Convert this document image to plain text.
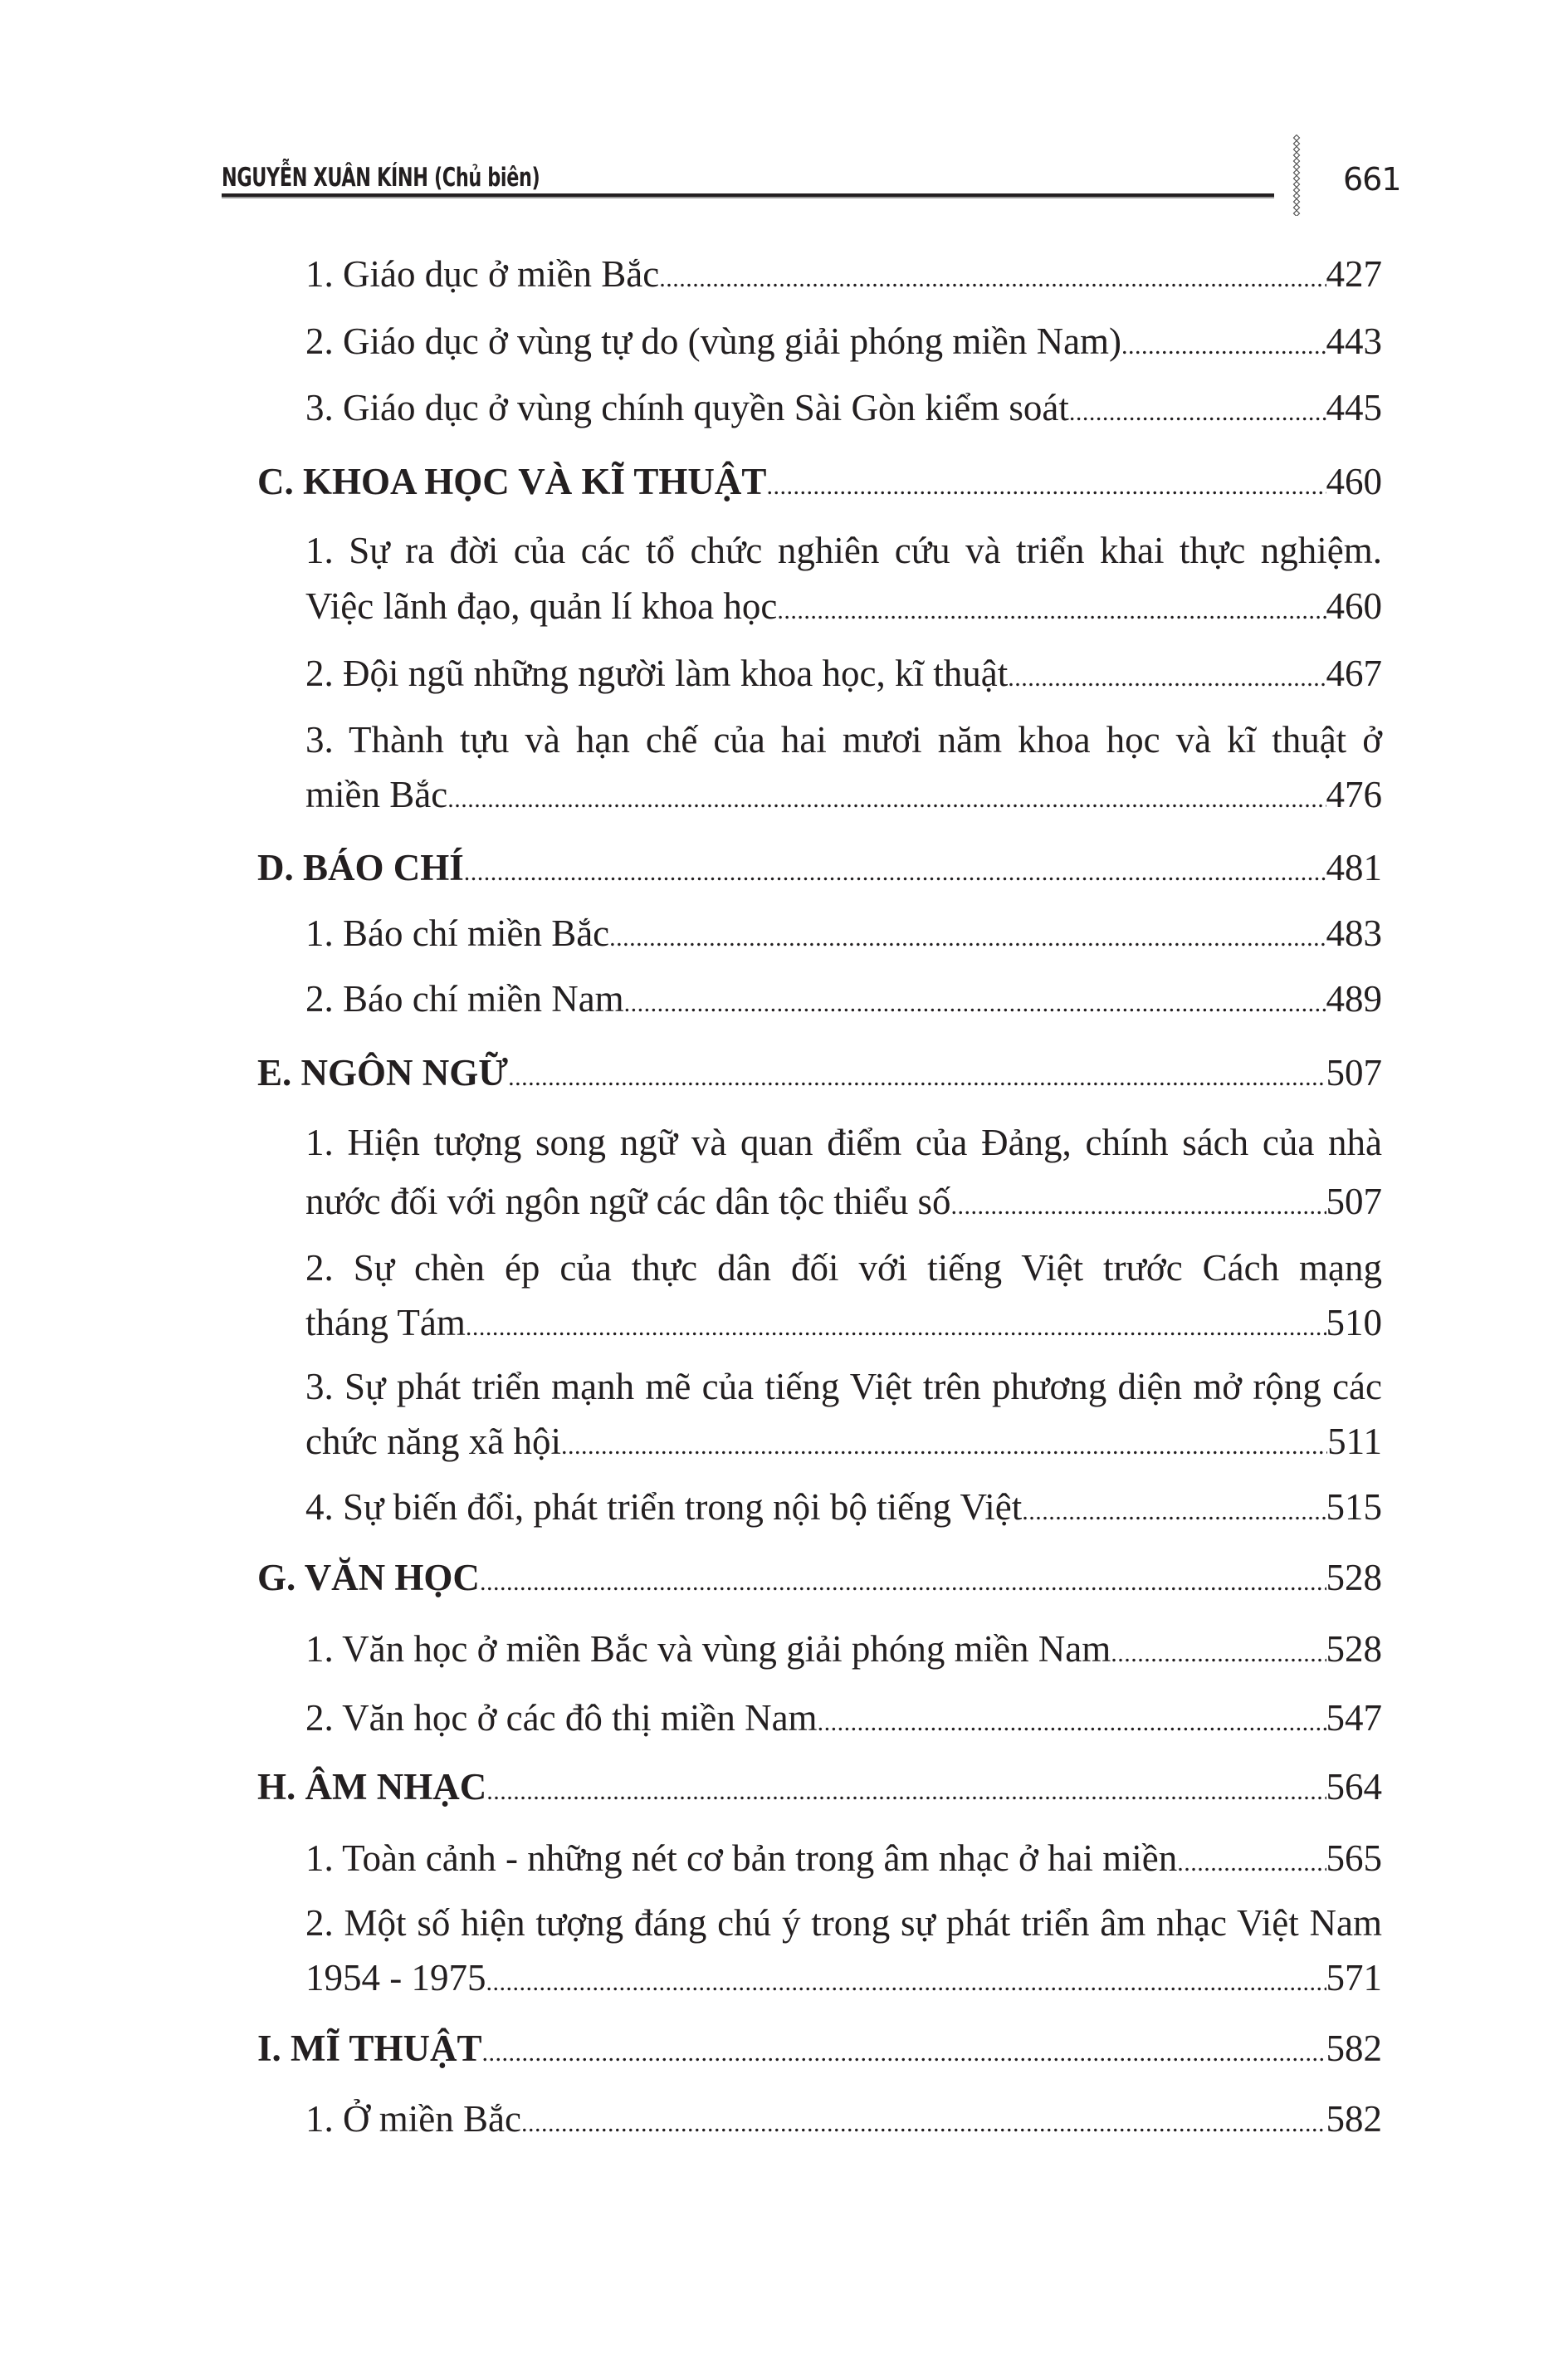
NGUYỄN XUÂN KÍNH (Chủ biên)	661
1. Giáo dục ở miền Bắc .....	427
2. Giáo dục ở vùng tự do (vùng giải phóng miền Nam) .....	443
3. Giáo dục ở vùng chính quyền Sài Gòn kiểm soát .....	445
C. KHOA HỌC VÀ KĨ THUẬT .....	460
1. Sự ra đời của các tổ chức nghiên cứu và triển khai thực nghiệm.
Việc lãnh đạo, quản lí khoa học .....	460
2. Đội ngũ những người làm khoa học, kĩ thuật .....	467
3. Thành tựu và hạn chế của hai mươi năm khoa học và kĩ thuật ở
miền Bắc .....	476
D. BÁO CHÍ .....	481
1. Báo chí miền Bắc .....	483
2. Báo chí miền Nam .....	489
E. NGÔN NGỮ .....	507
1. Hiện tượng song ngữ và quan điểm của Đảng, chính sách của nhà
nước đối với ngôn ngữ các dân tộc thiểu số .....	507
2. Sự chèn ép của thực dân đối với tiếng Việt trước Cách mạng
tháng Tám .....	510
3. Sự phát triển mạnh mẽ của tiếng Việt trên phương diện mở rộng các
chức năng xã hội .....	511
4. Sự biến đổi, phát triển trong nội bộ tiếng Việt .....	515
G. VĂN HỌC .....	528
1. Văn học ở miền Bắc và vùng giải phóng miền Nam .....	528
2. Văn học ở các đô thị miền Nam .....	547
H. ÂM NHẠC .....	564
1. Toàn cảnh - những nét cơ bản trong âm nhạc ở hai miền .....	565
2. Một số hiện tượng đáng chú ý trong sự phát triển âm nhạc Việt Nam
1954 - 1975 .....	571
I. MĨ THUẬT .....	582
1. Ở miền Bắc .....	582
